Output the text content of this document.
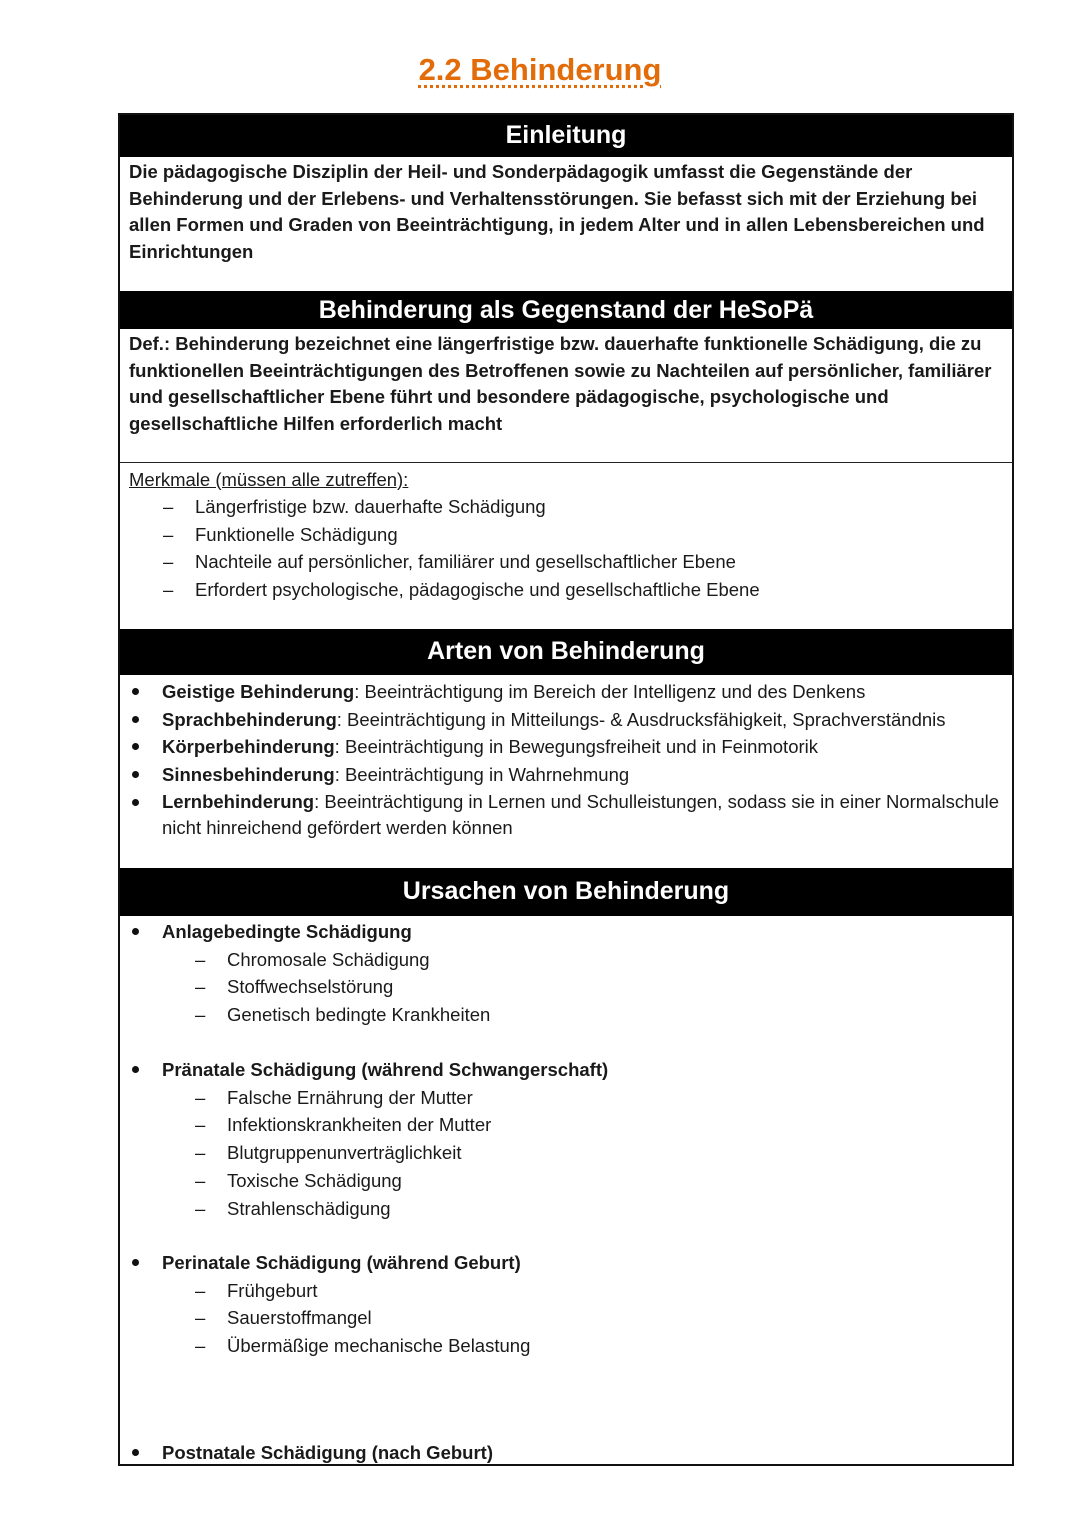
2.2 Behinderung
Einleitung
Die pädagogische Disziplin der Heil- und Sonderpädagogik umfasst die Gegenstände der Behinderung und der Erlebens- und Verhaltensstörungen. Sie befasst sich mit der Erziehung bei allen Formen und Graden von Beeinträchtigung, in jedem Alter und in allen Lebensbereichen und Einrichtungen
Behinderung als Gegenstand der HeSoPä
Def.: Behinderung bezeichnet eine längerfristige bzw. dauerhafte funktionelle Schädigung, die zu funktionellen Beeinträchtigungen des Betroffenen sowie zu Nachteilen auf persönlicher, familiärer und gesellschaftlicher Ebene führt und besondere pädagogische, psychologische und gesellschaftliche Hilfen erforderlich macht
Merkmale (müssen alle zutreffen):
– Längerfristige bzw. dauerhafte Schädigung
– Funktionelle Schädigung
– Nachteile auf persönlicher, familiärer und gesellschaftlicher Ebene
– Erfordert psychologische, pädagogische und gesellschaftliche Ebene
Arten von Behinderung
Geistige Behinderung: Beeinträchtigung im Bereich der Intelligenz und des Denkens
Sprachbehinderung: Beeinträchtigung in Mitteilungs- & Ausdrucksfähigkeit, Sprachverständnis
Körperbehinderung: Beeinträchtigung in Bewegungsfreiheit und in Feinmotorik
Sinnesbehinderung: Beeinträchtigung in Wahrnehmung
Lernbehinderung: Beeinträchtigung in Lernen und Schulleistungen, sodass sie in einer Normalschule nicht hinreichend gefördert werden können
Ursachen von Behinderung
Anlagebedingte Schädigung
– Chromosale Schädigung
– Stoffwechselstörung
– Genetisch bedingte Krankheiten
Pränatale Schädigung (während Schwangerschaft)
– Falsche Ernährung der Mutter
– Infektionskrankheiten der Mutter
– Blutgruppenunverträglichkeit
– Toxische Schädigung
– Strahlenschädigung
Perinatale Schädigung (während Geburt)
– Frühgeburt
– Sauerstoffmangel
– Übermäßige mechanische Belastung
Postnatale Schädigung (nach Geburt)
